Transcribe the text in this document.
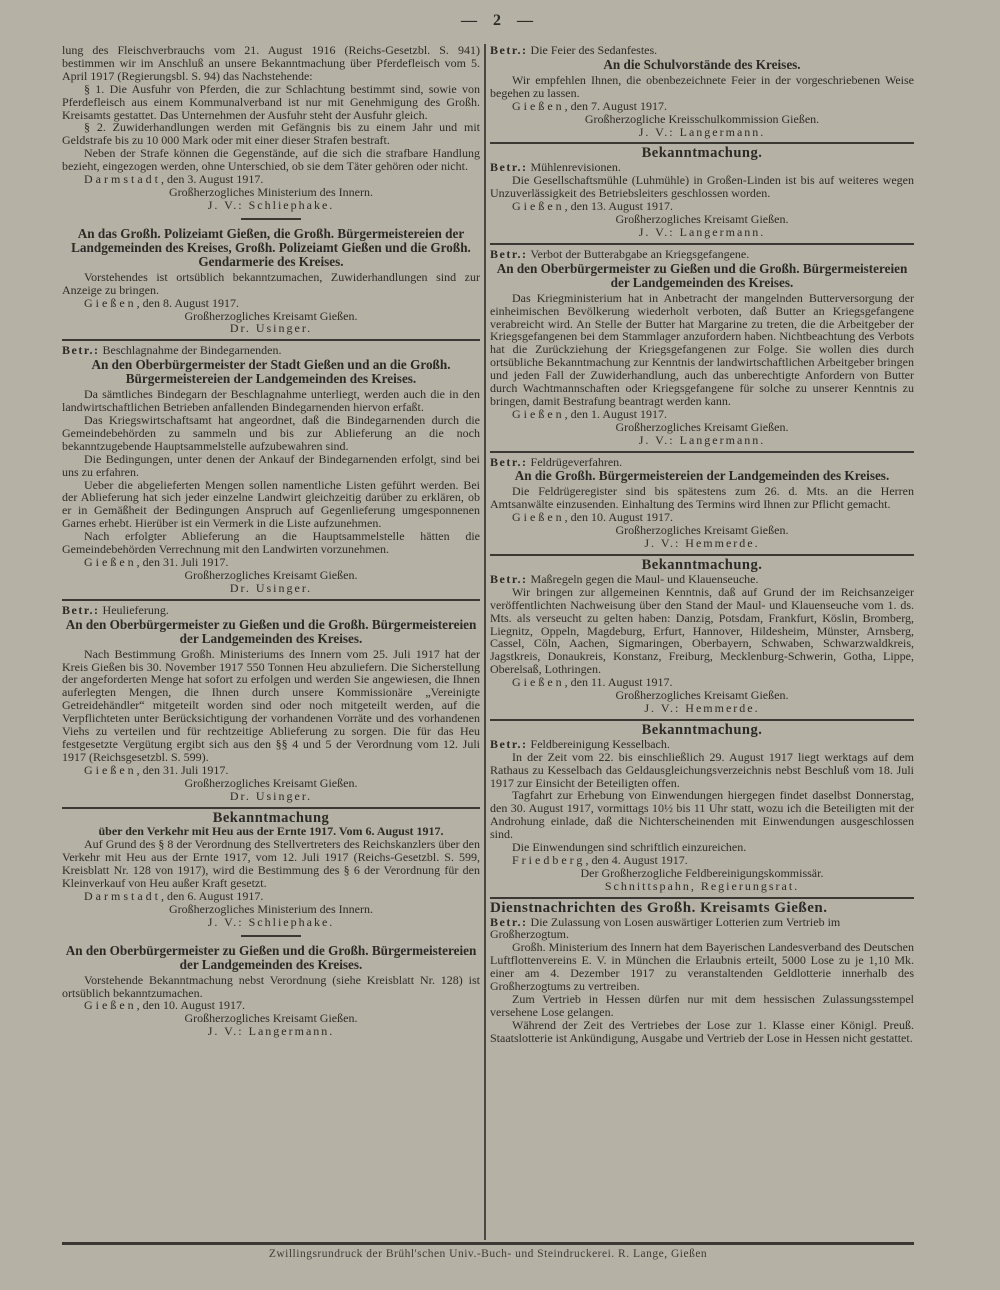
— 2 —

lung des Fleischverbrauchs vom 21. August 1916 (Reichs-Gesetzbl. S. 941) bestimmen wir im Anschluß an unsere Bekanntmachung über Pferdefleisch vom 5. April 1917 (Regierungsbl. S. 94) das Nachstehende:

§ 1. Die Ausfuhr von Pferden, die zur Schlachtung bestimmt sind, sowie von Pferdefleisch aus einem Kommunalverband ist nur mit Genehmigung des Großh. Kreisamts gestattet. Das Unternehmen der Ausfuhr steht der Ausfuhr gleich.

§ 2. Zuwiderhandlungen werden mit Gefängnis bis zu einem Jahr und mit Geldstrafe bis zu 10 000 Mark oder mit einer dieser Strafen bestraft.

Neben der Strafe können die Gegenstände, auf die sich die strafbare Handlung bezieht, eingezogen werden, ohne Unterschied, ob sie dem Täter gehören oder nicht.

Darmstadt, den 3. August 1917.
Großherzogliches Ministerium des Innern.
J. V.: Schliephake.
An das Großh. Polizeiamt Gießen, die Großh. Bürgermeistereien der Landgemeinden des Kreises, Großh. Polizeiamt Gießen und die Großh. Gendarmerie des Kreises.

Vorstehendes ist ortsüblich bekanntzumachen, Zuwiderhandlungen sind zur Anzeige zu bringen.

Gießen, den 8. August 1917.
Großherzogliches Kreisamt Gießen.
Dr. Usinger.

Betr.: Beschlagnahme der Bindegarnenden.

An den Oberbürgermeister der Stadt Gießen und an die Großh. Bürgermeistereien der Landgemeinden des Kreises.

Da sämtliches Bindegarn der Beschlagnahme unterliegt, werden auch die in den landwirtschaftlichen Betrieben anfallenden Bindegarnenden hiervon erfaßt.

Das Kriegswirtschaftsamt hat angeordnet, daß die Bindegarnenden durch die Gemeindebehörden zu sammeln und bis zur Ablieferung an die noch bekanntzugebende Hauptsammelstelle aufzubewahren sind.

Die Bedingungen, unter denen der Ankauf der Bindegarnenden erfolgt, sind bei uns zu erfahren.

Ueber die abgelieferten Mengen sollen namentliche Listen geführt werden. Bei der Ablieferung hat sich jeder einzelne Landwirt gleichzeitig darüber zu erklären, ob er in Gemäßheit der Bedingungen Anspruch auf Gegenlieferung umgesponnenen Garnes erhebt. Hierüber ist ein Vermerk in die Liste aufzunehmen.

Nach erfolgter Ablieferung an die Hauptsammelstelle hätten die Gemeindebehörden Verrechnung mit den Landwirten vorzunehmen.

Gießen, den 31. Juli 1917.
Großherzogliches Kreisamt Gießen.
Dr. Usinger.

Betr.: Heulieferung.

An den Oberbürgermeister zu Gießen und die Großh. Bürgermeistereien der Landgemeinden des Kreises.

Nach Bestimmung Großh. Ministeriums des Innern vom 25. Juli 1917 hat der Kreis Gießen bis 30. November 1917 550 Tonnen Heu abzuliefern. Die Sicherstellung der angeforderten Menge hat sofort zu erfolgen und werden Sie angewiesen, die Ihnen auferlegten Mengen, die Ihnen durch unsere Kommissionäre „Vereinigte Getreidehändler“ mitgeteilt worden sind oder noch mitgeteilt werden, auf die Verpflichteten unter Berücksichtigung der vorhandenen Vorräte und des vorhandenen Viehs zu verteilen und für rechtzeitige Ablieferung zu sorgen. Die für das Heu festgesetzte Vergütung ergibt sich aus den §§ 4 und 5 der Verordnung vom 12. Juli 1917 (Reichsgesetzbl. S. 599).

Gießen, den 31. Juli 1917.
Großherzogliches Kreisamt Gießen.
Dr. Usinger.
Bekanntmachung
über den Verkehr mit Heu aus der Ernte 1917. Vom 6. August 1917.

Auf Grund des § 8 der Verordnung des Stellvertreters des Reichskanzlers über den Verkehr mit Heu aus der Ernte 1917, vom 12. Juli 1917 (Reichs-Gesetzbl. S. 599, Kreisblatt Nr. 128 von 1917), wird die Bestimmung des § 6 der Verordnung für den Kleinverkauf von Heu außer Kraft gesetzt.

Darmstadt, den 6. August 1917.
Großherzogliches Ministerium des Innern.
J. V.: Schliephake.
An den Oberbürgermeister zu Gießen und die Großh. Bürgermeistereien der Landgemeinden des Kreises.

Vorstehende Bekanntmachung nebst Verordnung (siehe Kreisblatt Nr. 128) ist ortsüblich bekanntzumachen.

Gießen, den 10. August 1917.
Großherzogliches Kreisamt Gießen.
J. V.: Langermann.

Betr.: Die Feier des Sedanfestes.

An die Schulvorstände des Kreises.

Wir empfehlen Ihnen, die obenbezeichnete Feier in der vorgeschriebenen Weise begehen zu lassen.

Gießen, den 7. August 1917.
Großherzogliche Kreisschulkommission Gießen.
J. V.: Langermann.
Bekanntmachung.

Betr.: Mühlenrevisionen.

Die Gesellschaftsmühle (Luhmühle) in Großen-Linden ist bis auf weiteres wegen Unzuverlässigkeit des Betriebsleiters geschlossen worden.

Gießen, den 13. August 1917.
Großherzogliches Kreisamt Gießen.
J. V.: Langermann.

Betr.: Verbot der Butterabgabe an Kriegsgefangene.

An den Oberbürgermeister zu Gießen und die Großh. Bürgermeistereien der Landgemeinden des Kreises.

Das Kriegministerium hat in Anbetracht der mangelnden Butterversorgung der einheimischen Bevölkerung wiederholt verboten, daß Butter an Kriegsgefangene verabreicht wird. An Stelle der Butter hat Margarine zu treten, die die Arbeitgeber der Kriegsgefangenen bei dem Stammlager anzufordern haben. Nichtbeachtung des Verbots hat die Zurückziehung der Kriegsgefangenen zur Folge. Sie wollen dies durch ortsübliche Bekanntmachung zur Kenntnis der landwirtschaftlichen Arbeitgeber bringen und jeden Fall der Zuwiderhandlung, auch das unberechtigte Anfordern von Butter durch Wachtmannschaften oder Kriegsgefangene für solche zu unserer Kenntnis zu bringen, damit Bestrafung beantragt werden kann.

Gießen, den 1. August 1917.
Großherzogliches Kreisamt Gießen.
J. V.: Langermann.

Betr.: Feldrügeverfahren.

An die Großh. Bürgermeistereien der Landgemeinden des Kreises.

Die Feldrügeregister sind bis spätestens zum 26. d. Mts. an die Herren Amtsanwälte einzusenden. Einhaltung des Termins wird Ihnen zur Pflicht gemacht.

Gießen, den 10. August 1917.
Großherzogliches Kreisamt Gießen.
J. V.: Hemmerde.
Bekanntmachung.

Betr.: Maßregeln gegen die Maul- und Klauenseuche.

Wir bringen zur allgemeinen Kenntnis, daß auf Grund der im Reichsanzeiger veröffentlichten Nachweisung über den Stand der Maul- und Klauenseuche vom 1. ds. Mts. als verseucht zu gelten haben: Danzig, Potsdam, Frankfurt, Köslin, Bromberg, Liegnitz, Oppeln, Magdeburg, Erfurt, Hannover, Hildesheim, Münster, Arnsberg, Cassel, Cöln, Aachen, Sigmaringen, Oberbayern, Schwaben, Schwarzwaldkreis, Jagstkreis, Donaukreis, Konstanz, Freiburg, Mecklenburg-Schwerin, Gotha, Lippe, Oberelsaß, Lothringen.

Gießen, den 11. August 1917.
Großherzogliches Kreisamt Gießen.
J. V.: Hemmerde.
Bekanntmachung.

Betr.: Feldbereinigung Kesselbach.

In der Zeit vom 22. bis einschließlich 29. August 1917 liegt werktags auf dem Rathaus zu Kesselbach das Geldausgleichungsverzeichnis nebst Beschluß vom 18. Juli 1917 zur Einsicht der Beteiligten offen.

Tagfahrt zur Erhebung von Einwendungen hiergegen findet daselbst Donnerstag, den 30. August 1917, vormittags 10½ bis 11 Uhr statt, wozu ich die Beteiligten mit der Androhung einlade, daß die Nichterscheinenden mit Einwendungen ausgeschlossen sind.

Die Einwendungen sind schriftlich einzureichen.

Friedberg, den 4. August 1917.
Der Großherzogliche Feldbereinigungskommissär.
Schnittspahn, Regierungsrat.
Dienstnachrichten des Großh. Kreisamts Gießen.

Betr.: Die Zulassung von Losen auswärtiger Lotterien zum Vertrieb im Großherzogtum.

Großh. Ministerium des Innern hat dem Bayerischen Landesverband des Deutschen Luftflottenvereins E. V. in München die Erlaubnis erteilt, 5000 Lose zu je 1,10 Mk. einer am 4. Dezember 1917 zu veranstaltenden Geldlotterie innerhalb des Großherzogtums zu vertreiben.

Zum Vertrieb in Hessen dürfen nur mit dem hessischen Zulassungsstempel versehene Lose gelangen.

Während der Zeit des Vertriebes der Lose zur 1. Klasse einer Königl. Preuß. Staatslotterie ist Ankündigung, Ausgabe und Vertrieb der Lose in Hessen nicht gestattet.

Zwillingsrundruck der Brühl'schen Univ.-Buch- und Steindruckerei. R. Lange, Gießen
